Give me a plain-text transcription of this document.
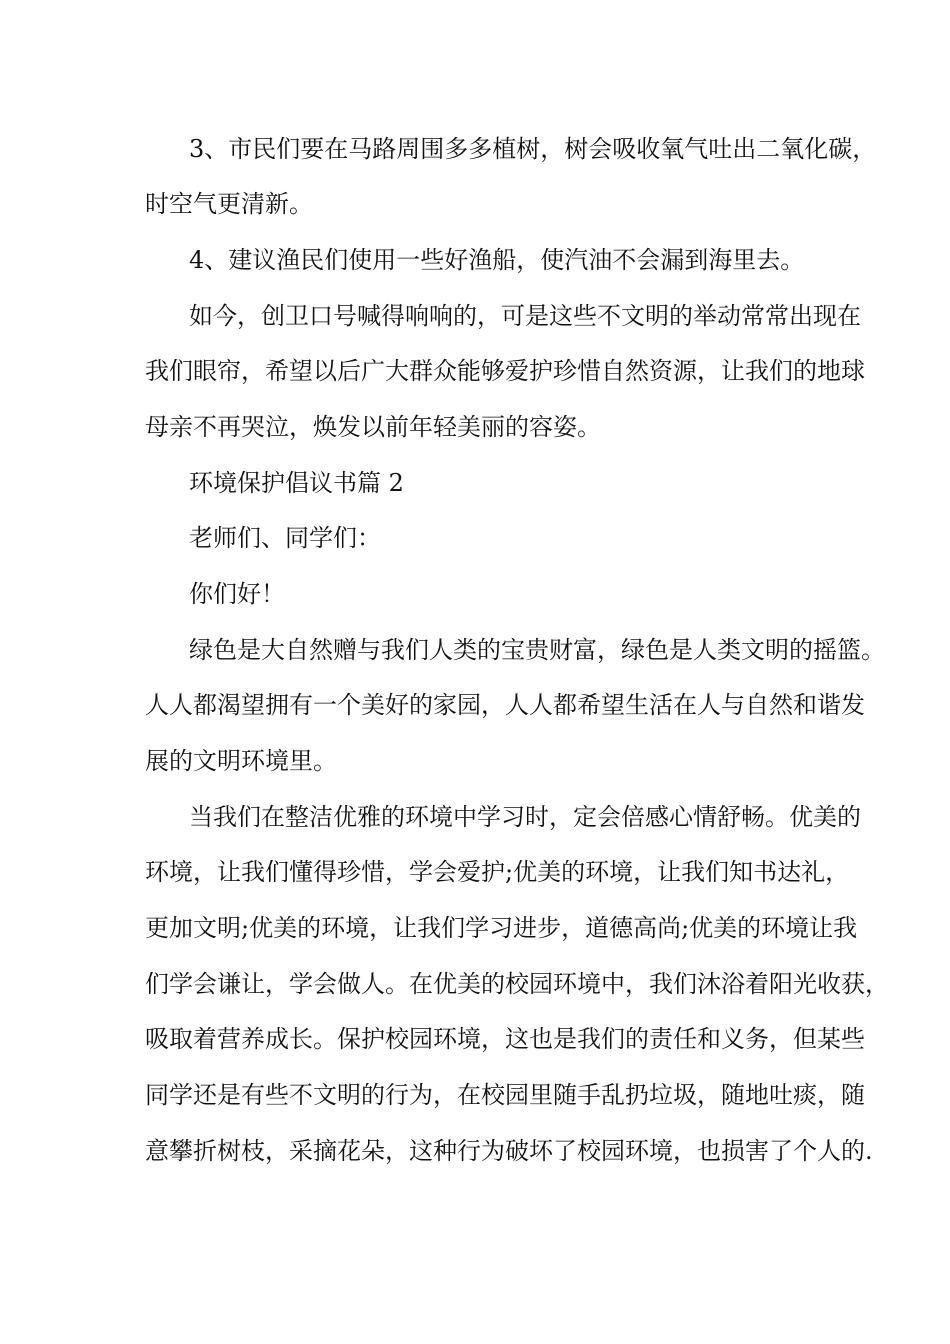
3、市民们要在马路周围多多植树，树会吸收氧气吐出二氧化碳，

时空气更清新。

4、建议渔民们使用一些好渔船，使汽油不会漏到海里去。

如今，创卫口号喊得响响的，可是这些不文明的举动常常出现在

我们眼帘，希望以后广大群众能够爱护珍惜自然资源，让我们的地球

母亲不再哭泣，焕发以前年轻美丽的容姿。

环境保护倡议书篇 2

老师们、同学们：

你们好！

绿色是大自然赠与我们人类的宝贵财富，绿色是人类文明的摇篮。

人人都渴望拥有一个美好的家园，人人都希望生活在人与自然和谐发

展的文明环境里。

当我们在整洁优雅的环境中学习时，定会倍感心情舒畅。优美的

环境，让我们懂得珍惜，学会爱护;优美的环境，让我们知书达礼，

更加文明;优美的环境，让我们学习进步，道德高尚;优美的环境让我

们学会谦让，学会做人。在优美的校园环境中，我们沐浴着阳光收获，

吸取着营养成长。保护校园环境，这也是我们的责任和义务，但某些

同学还是有些不文明的行为，在校园里随手乱扔垃圾，随地吐痰，随

意攀折树枝，采摘花朵，这种行为破坏了校园环境，也损害了个人的.
